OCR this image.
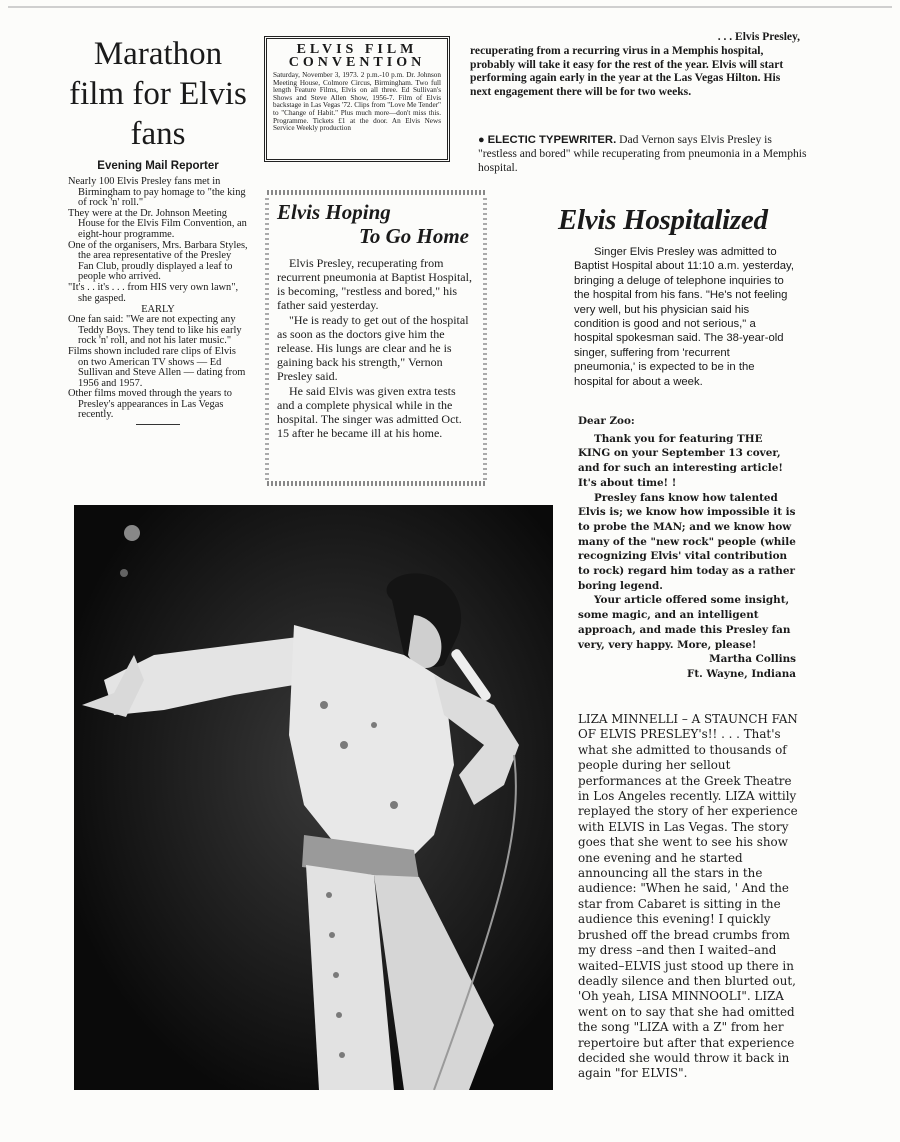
Marathon film for Elvis fans
Evening Mail Reporter

Nearly 100 Elvis Presley fans met in Birmingham to pay homage to "the king of rock 'n' roll."

They were at the Dr. Johnson Meeting House for the Elvis Film Convention, an eight-hour programme.

One of the organisers, Mrs. Barbara Styles, the area representative of the Presley Fan Club, proudly displayed a leaf to people who arrived.

"It's . . it's . . . from HIS very own lawn", she gasped.

EARLY

One fan said: "We are not expecting any Teddy Boys. They tend to like his early rock 'n' roll, and not his later music."

Films shown included rare clips of Elvis on two American TV shows — Ed Sullivan and Steve Allen — dating from 1956 and 1957.

Other films moved through the years to Presley's appearances in Las Vegas recently.

ELVIS FILM
CONVENTION
Saturday, November 3, 1973. 2 p.m.-10 p.m. Dr. Johnson Meeting House, Colmore Circus, Birmingham. Two full length Feature Films, Elvis on all three. Ed Sullivan's Shows and Steve Allen Show, 1956-7. Film of Elvis backstage in Las Vegas '72. Clips from "Love Me Tender" to "Change of Habit." Plus much more—don't miss this. Programme. Tickets £1 at the door. An Elvis News Service Weekly production
Elvis Hoping
To Go Home

Elvis Presley, recuperating from recurrent pneumonia at Baptist Hospital, is becoming, "restless and bored," his father said yesterday.

"He is ready to get out of the hospital as soon as the doctors give him the release. His lungs are clear and he is gaining back his strength," Vernon Presley said.

He said Elvis was given extra tests and a complete physical while in the hospital. The singer was admitted Oct. 15 after he became ill at his home.

. . . Elvis Presley,

recuperating from a recurring virus in a Memphis hospital, probably will take it easy for the rest of the year. Elvis will start performing again early in the year at the Las Vegas Hilton. His next engagement there will be for two weeks.

● ELECTIC TYPEWRITER. Dad Vernon says Elvis Presley is "restless and bored" while recuperating from pneumonia in a Memphis hospital.

Elvis Hospitalized

Singer Elvis Presley was admitted to Baptist Hospital about 11:10 a.m. yesterday, bringing a deluge of telephone inquiries to the hospital from his fans. "He's not feeling very well, but his physician said his condition is good and not serious," a hospital spokesman said. The 38-year-old singer, suffering from 'recurrent pneumonia,' is expected to be in the hospital for about a week.

Dear Zoo:

Thank you for featuring THE KING on your September 13 cover, and for such an interesting article! It's about time! !

Presley fans know how talented Elvis is; we know how impossible it is to probe the MAN; and we know how many of the "new rock" people (while recognizing Elvis' vital contribution to rock) regard him today as a rather boring legend.

Your article offered some insight, some magic, and an intelligent approach, and made this Presley fan very, very happy. More, please!

Martha Collins

Ft. Wayne, Indiana

LIZA MINNELLI – A STAUNCH FAN OF ELVIS PRESLEY's!! . . . That's what she admitted to thousands of people during her sellout performances at the Greek Theatre in Los Angeles recently. LIZA wittily replayed the story of her experience with ELVIS in Las Vegas. The story goes that she went to see his show one evening and he started announcing all the stars in the audience: "When he said, ' And the star from Cabaret is sitting in the audience this evening! I quickly brushed off the bread crumbs from my dress –and then I waited–and waited–ELVIS just stood up there in deadly silence and then blurted out, 'Oh yeah, LISA MINNOOLI". LIZA went on to say that she had omitted the song "LIZA with a Z" from her repertoire but after that experience decided she would throw it back in again "for ELVIS".
